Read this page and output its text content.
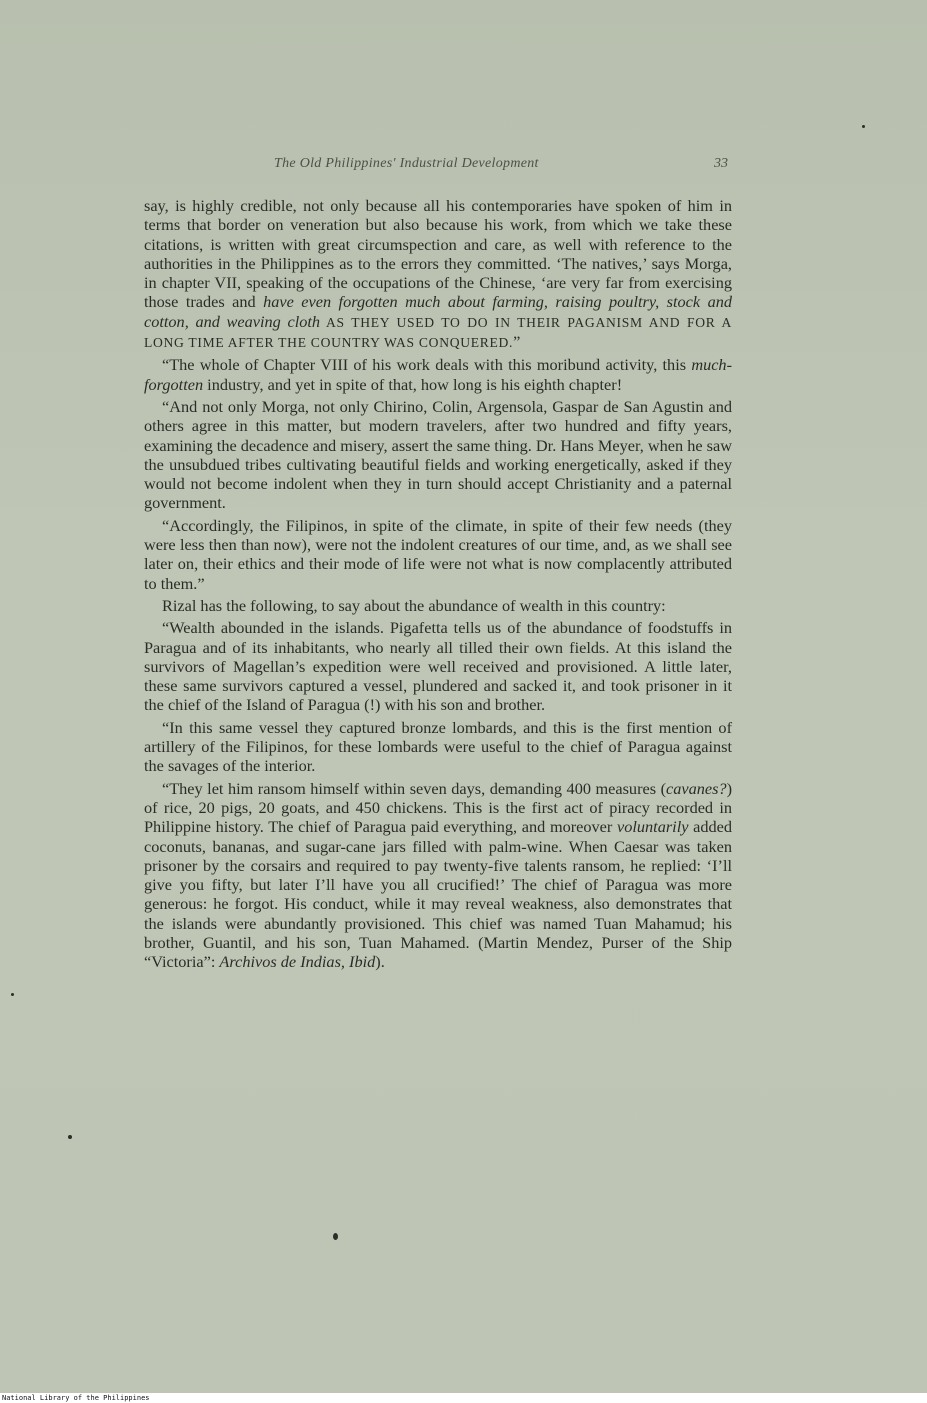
The Old Philippines' Industrial Development	33

say, is highly credible, not only because all his contemporaries have spoken of him in terms that border on veneration but also because his work, from which we take these citations, is written with great circumspection and care, as well with reference to the authorities in the Philippines as to the errors they committed. ‘The natives,’ says Morga, in chapter VII, speaking of the occupations of the Chinese, ‘are very far from exercising those trades and have even forgotten much about farming, raising poultry, stock and cotton, and weaving cloth AS THEY USED TO DO IN THEIR PAGANISM AND FOR A LONG TIME AFTER THE COUNTRY WAS CONQUERED.”

“The whole of Chapter VIII of his work deals with this moribund activity, this much-forgotten industry, and yet in spite of that, how long is his eighth chapter!

“And not only Morga, not only Chirino, Colin, Argensola, Gaspar de San Agustin and others agree in this matter, but modern travelers, after two hundred and fifty years, examining the decadence and misery, assert the same thing. Dr. Hans Meyer, when he saw the unsubdued tribes cultivating beautiful fields and working energetically, asked if they would not become indolent when they in turn should accept Christianity and a paternal government.

“Accordingly, the Filipinos, in spite of the climate, in spite of their few needs (they were less then than now), were not the indolent creatures of our time, and, as we shall see later on, their ethics and their mode of life were not what is now complacently attributed to them.”

Rizal has the following, to say about the abundance of wealth in this country:

“Wealth abounded in the islands. Pigafetta tells us of the abundance of foodstuffs in Paragua and of its inhabitants, who nearly all tilled their own fields. At this island the survivors of Magellan’s expedition were well received and provisioned. A little later, these same survivors captured a vessel, plundered and sacked it, and took prisoner in it the chief of the Island of Paragua (!) with his son and brother.

“In this same vessel they captured bronze lombards, and this is the first mention of artillery of the Filipinos, for these lombards were useful to the chief of Paragua against the savages of the interior.

“They let him ransom himself within seven days, demanding 400 measures (cavanes?) of rice, 20 pigs, 20 goats, and 450 chickens. This is the first act of piracy recorded in Philippine history. The chief of Paragua paid everything, and moreover voluntarily added coconuts, bananas, and sugar-cane jars filled with palm-wine. When Caesar was taken prisoner by the corsairs and required to pay twenty-five talents ransom, he replied: ‘I’ll give you fifty, but later I’ll have you all crucified!’ The chief of Paragua was more generous: he forgot. His conduct, while it may reveal weakness, also demonstrates that the islands were abundantly provisioned. This chief was named Tuan Mahamud; his brother, Guantil, and his son, Tuan Mahamed. (Martin Mendez, Purser of the Ship “Victoria”: Archivos de Indias, Ibid).

National Library of the Philippines
